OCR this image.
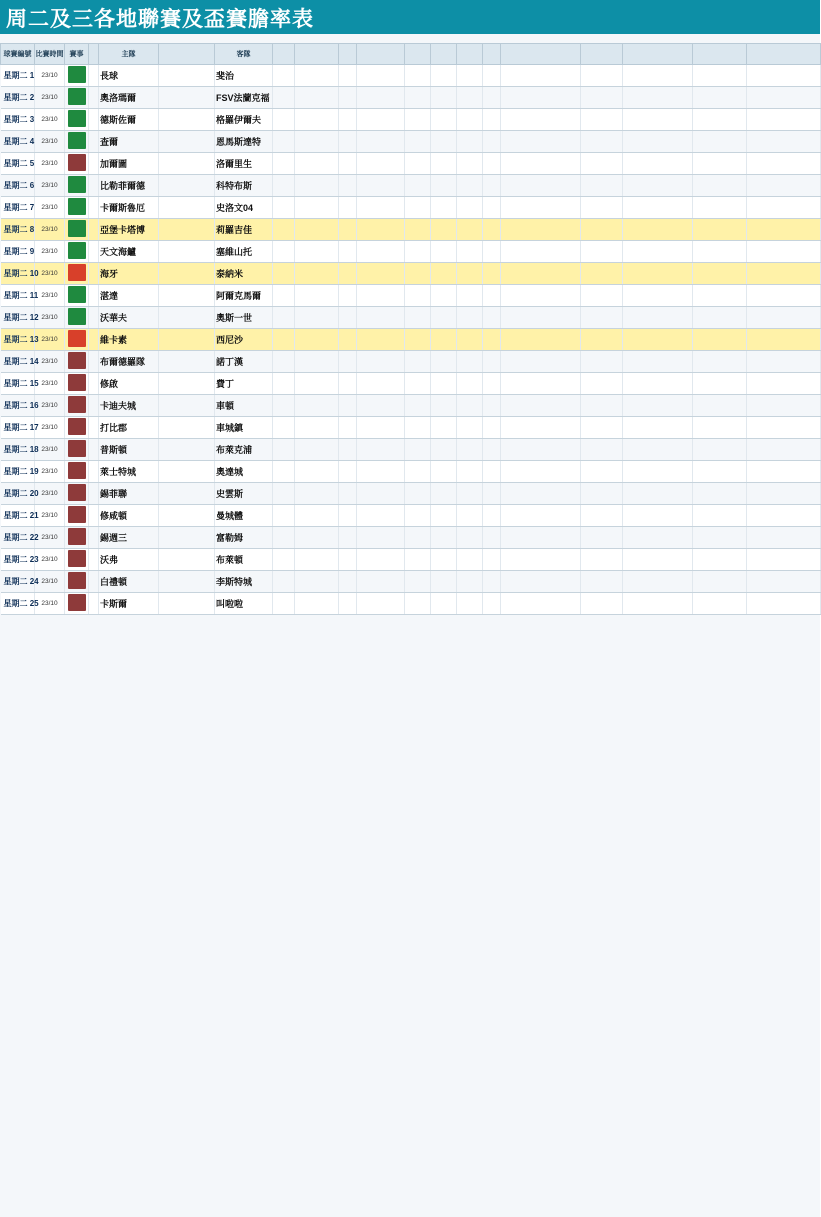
周二及三各地聯賽及盃賽膽率表
球賽編號	比賽時間	賽事		主隊		客隊													
星期二 1	23/10			長球		斐治													
星期二 2	23/10			奧洛瑪爾		FSV法蘭克福													
星期二 3	23/10			德斯佐爾		格羅伊爾夫													
星期二 4	23/10			查爾		恩馬斯達特													
星期二 5	23/10			加爾圖		洛爾里生													
星期二 6	23/10			比勒菲爾德		科特布斯													
星期二 7	23/10			卡爾斯魯厄		史洛文04													
星期二 8	23/10			亞堡卡塔博		莉羅吉佳													
星期二 9	23/10			天文海鱸		塞維山托													
星期二 10	23/10			海牙		泰納米													
星期二 11	23/10			湛達		阿爾克馬爾													
星期二 12	23/10			沃華夫		奧斯一世													
星期二 13	23/10			維卡素		西尼沙													
星期二 14	23/10			布爾德羅隊		諾丁漢													
星期二 15	23/10			修啟		費丁													
星期二 16	23/10			卡迪夫城		車頓													
星期二 17	23/10			打比郡		車城鎮													
星期二 18	23/10			普斯頓		布萊克浦													
星期二 19	23/10			萊士特城		奧達城													
星期二 20	23/10			錫菲聯		史雲斯													
星期二 21	23/10			修咸頓		曼城體													
星期二 22	23/10			錫週三		富勒姆													
星期二 23	23/10			沃弗		布萊頓													
星期二 24	23/10			白禮頓		李斯特城													
星期二 25	23/10			卡斯爾		叫啦啦													
